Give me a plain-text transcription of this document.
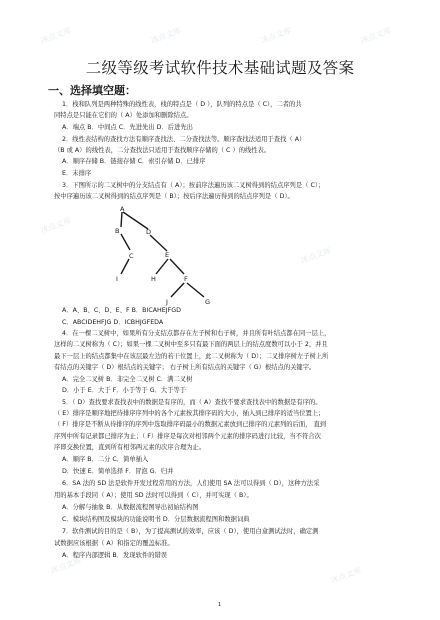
冰点文库	冰点文库	冰点文库	冰点文库
冰点文库
冰点文库
冰点文库
冰点文库
二级等级考试软件技术基础试题及答案
一、选择填空题：
1．栈和队列是两种特殊的线性表，栈的特点是（ D ），队列的特点是（ C），二者的共
同特点是只能在它们的（ A）处添加和删除结点。
A．端点 B．中间点 C．先进先出 D．后进先出
2．线性表结构的查找方法有顺序查找法、二分查找法等。顺序查找法适用于查找（ A）
（B 或 A）的线性表，二分查找法只适用于查找顺序存储的（ C ）的线性表。
A．顺序存储 B．链接存储 C．索引存储 D．已排序
E．未排序
3．下图所示的二叉树中的分支结点有（ A）；按前序法遍历该二叉树得到的结点序列是（ C）；
按中序遍历该二叉树得到的结点序列是（ B）；按后序法遍历得到的结点序列是（ D）。
A
B	D
C	E
I	H	F
J	G
A．A、B、C、D、E、F B．BICAHEJFGD
C．ABCIDEHFJG D．ICBHJGFEDA
4．在一棵二叉树中，如果所有分支结点都存在左子树和右子树，并且所有叶结点都在同一层上，
这样的二叉树称为（ C）；如果一棵二叉树中至多只有最下面的两层上的结点度数可以小于 2，并且
最下一层上的结点都集中在该层最左边的若干位置上，此二叉树称为（ D）；二叉排序树左子树上所
有结点的关键字（ D）根结点的关键字； 右子树上所有结点的关键字（ G）根结点的关键字。
A．完全二叉树 B．非完全二叉树 C．满二叉树
D．小于 E．大于 F．小于等于 G．大于等于
5．（ D）查找要求查找表中的数据是有序的，而（ A）查找不要求查找表中的数据是有序的。
（ E）排序是顺序地把待排序序列中的各个元素按其排序码的大小，插入到已排序的适当位置上；
（ F）排序是不断从待排序的序列中选取排序码最小的数据元素放到已排序的元素列的后面， 直到
序列中所有记录都已排序为止；（ F）排序是每次对相邻两个元素的排序码进行比较，当不符合次
序即交换位置，直到所有相邻两元素的次序合理为止。
A．顺序 B．二分 C．简单插入
D．快速 E．简单选择 F．冒泡 G．归并
6．SA 法的 SD 法是软件开发过程常用的方法，人们使用 SA 法可以得到（ D），这种方法采
用的基本手段同（ A）；使用 SD 法时可以得到（ C），并可实现（ B）。
A．分解与抽象 B．从数据流程图导出初始结构图
C．模块结构图及模块的功能说明书 D．分层数据流程图和数据词典
7．软件测试的目的是（ B），为了提高测试的效率，应该（ D），使用白盒测试法时，确定测
试数据应该根据（ A）和指定的覆盖标准。
A．程序内部逻辑 B．发现软件的错误
1
